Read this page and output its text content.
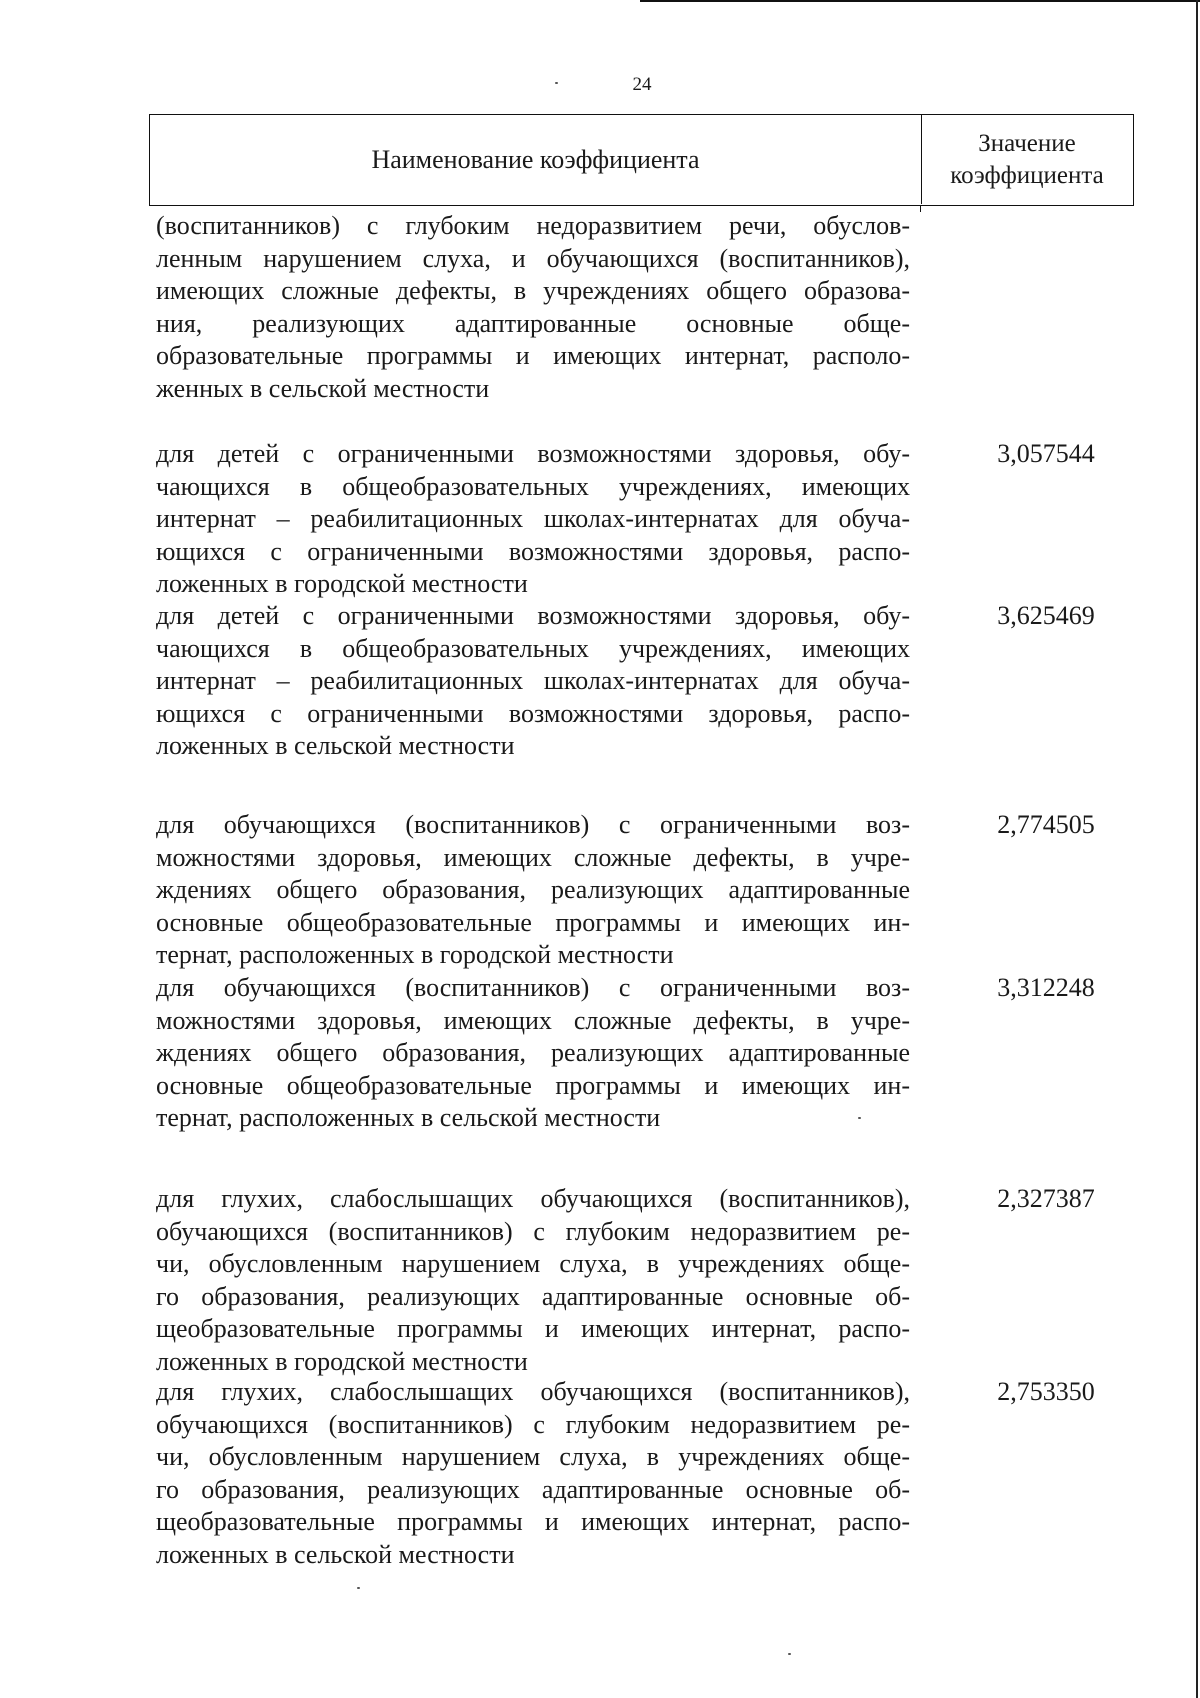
24
Наименование коэффициента
Значение
коэффициента
(воспитанников) с глубоким недоразвитием речи, обуслов-
ленным нарушением слуха, и обучающихся (воспитанников),
имеющих сложные дефекты, в учреждениях общего образова-
ния, реализующих адаптированные основные обще-
образовательные программы и имеющих интернат, располо-
женных в сельской местности
для детей с ограниченными возможностями здоровья, обу-
чающихся в общеобразовательных учреждениях, имеющих
интернат – реабилитационных школах-интернатах для обуча-
ющихся с ограниченными возможностями здоровья, распо-
ложенных в городской местности
3,057544
для детей с ограниченными возможностями здоровья, обу-
чающихся в общеобразовательных учреждениях, имеющих
интернат – реабилитационных школах-интернатах для обуча-
ющихся с ограниченными возможностями здоровья, распо-
ложенных в сельской местности
3,625469
для обучающихся (воспитанников) с ограниченными воз-
можностями здоровья, имеющих сложные дефекты, в учре-
ждениях общего образования, реализующих адаптированные
основные общеобразовательные программы и имеющих ин-
тернат, расположенных в городской местности
2,774505
для обучающихся (воспитанников) с ограниченными воз-
можностями здоровья, имеющих сложные дефекты, в учре-
ждениях общего образования, реализующих адаптированные
основные общеобразовательные программы и имеющих ин-
тернат, расположенных в сельской местности
3,312248
для глухих, слабослышащих обучающихся (воспитанников),
обучающихся (воспитанников) с глубоким недоразвитием ре-
чи, обусловленным нарушением слуха, в учреждениях обще-
го образования, реализующих адаптированные основные об-
щеобразовательные программы и имеющих интернат, распо-
ложенных в городской местности
2,327387
для глухих, слабослышащих обучающихся (воспитанников),
обучающихся (воспитанников) с глубоким недоразвитием ре-
чи, обусловленным нарушением слуха, в учреждениях обще-
го образования, реализующих адаптированные основные об-
щеобразовательные программы и имеющих интернат, распо-
ложенных в сельской местности
2,753350
